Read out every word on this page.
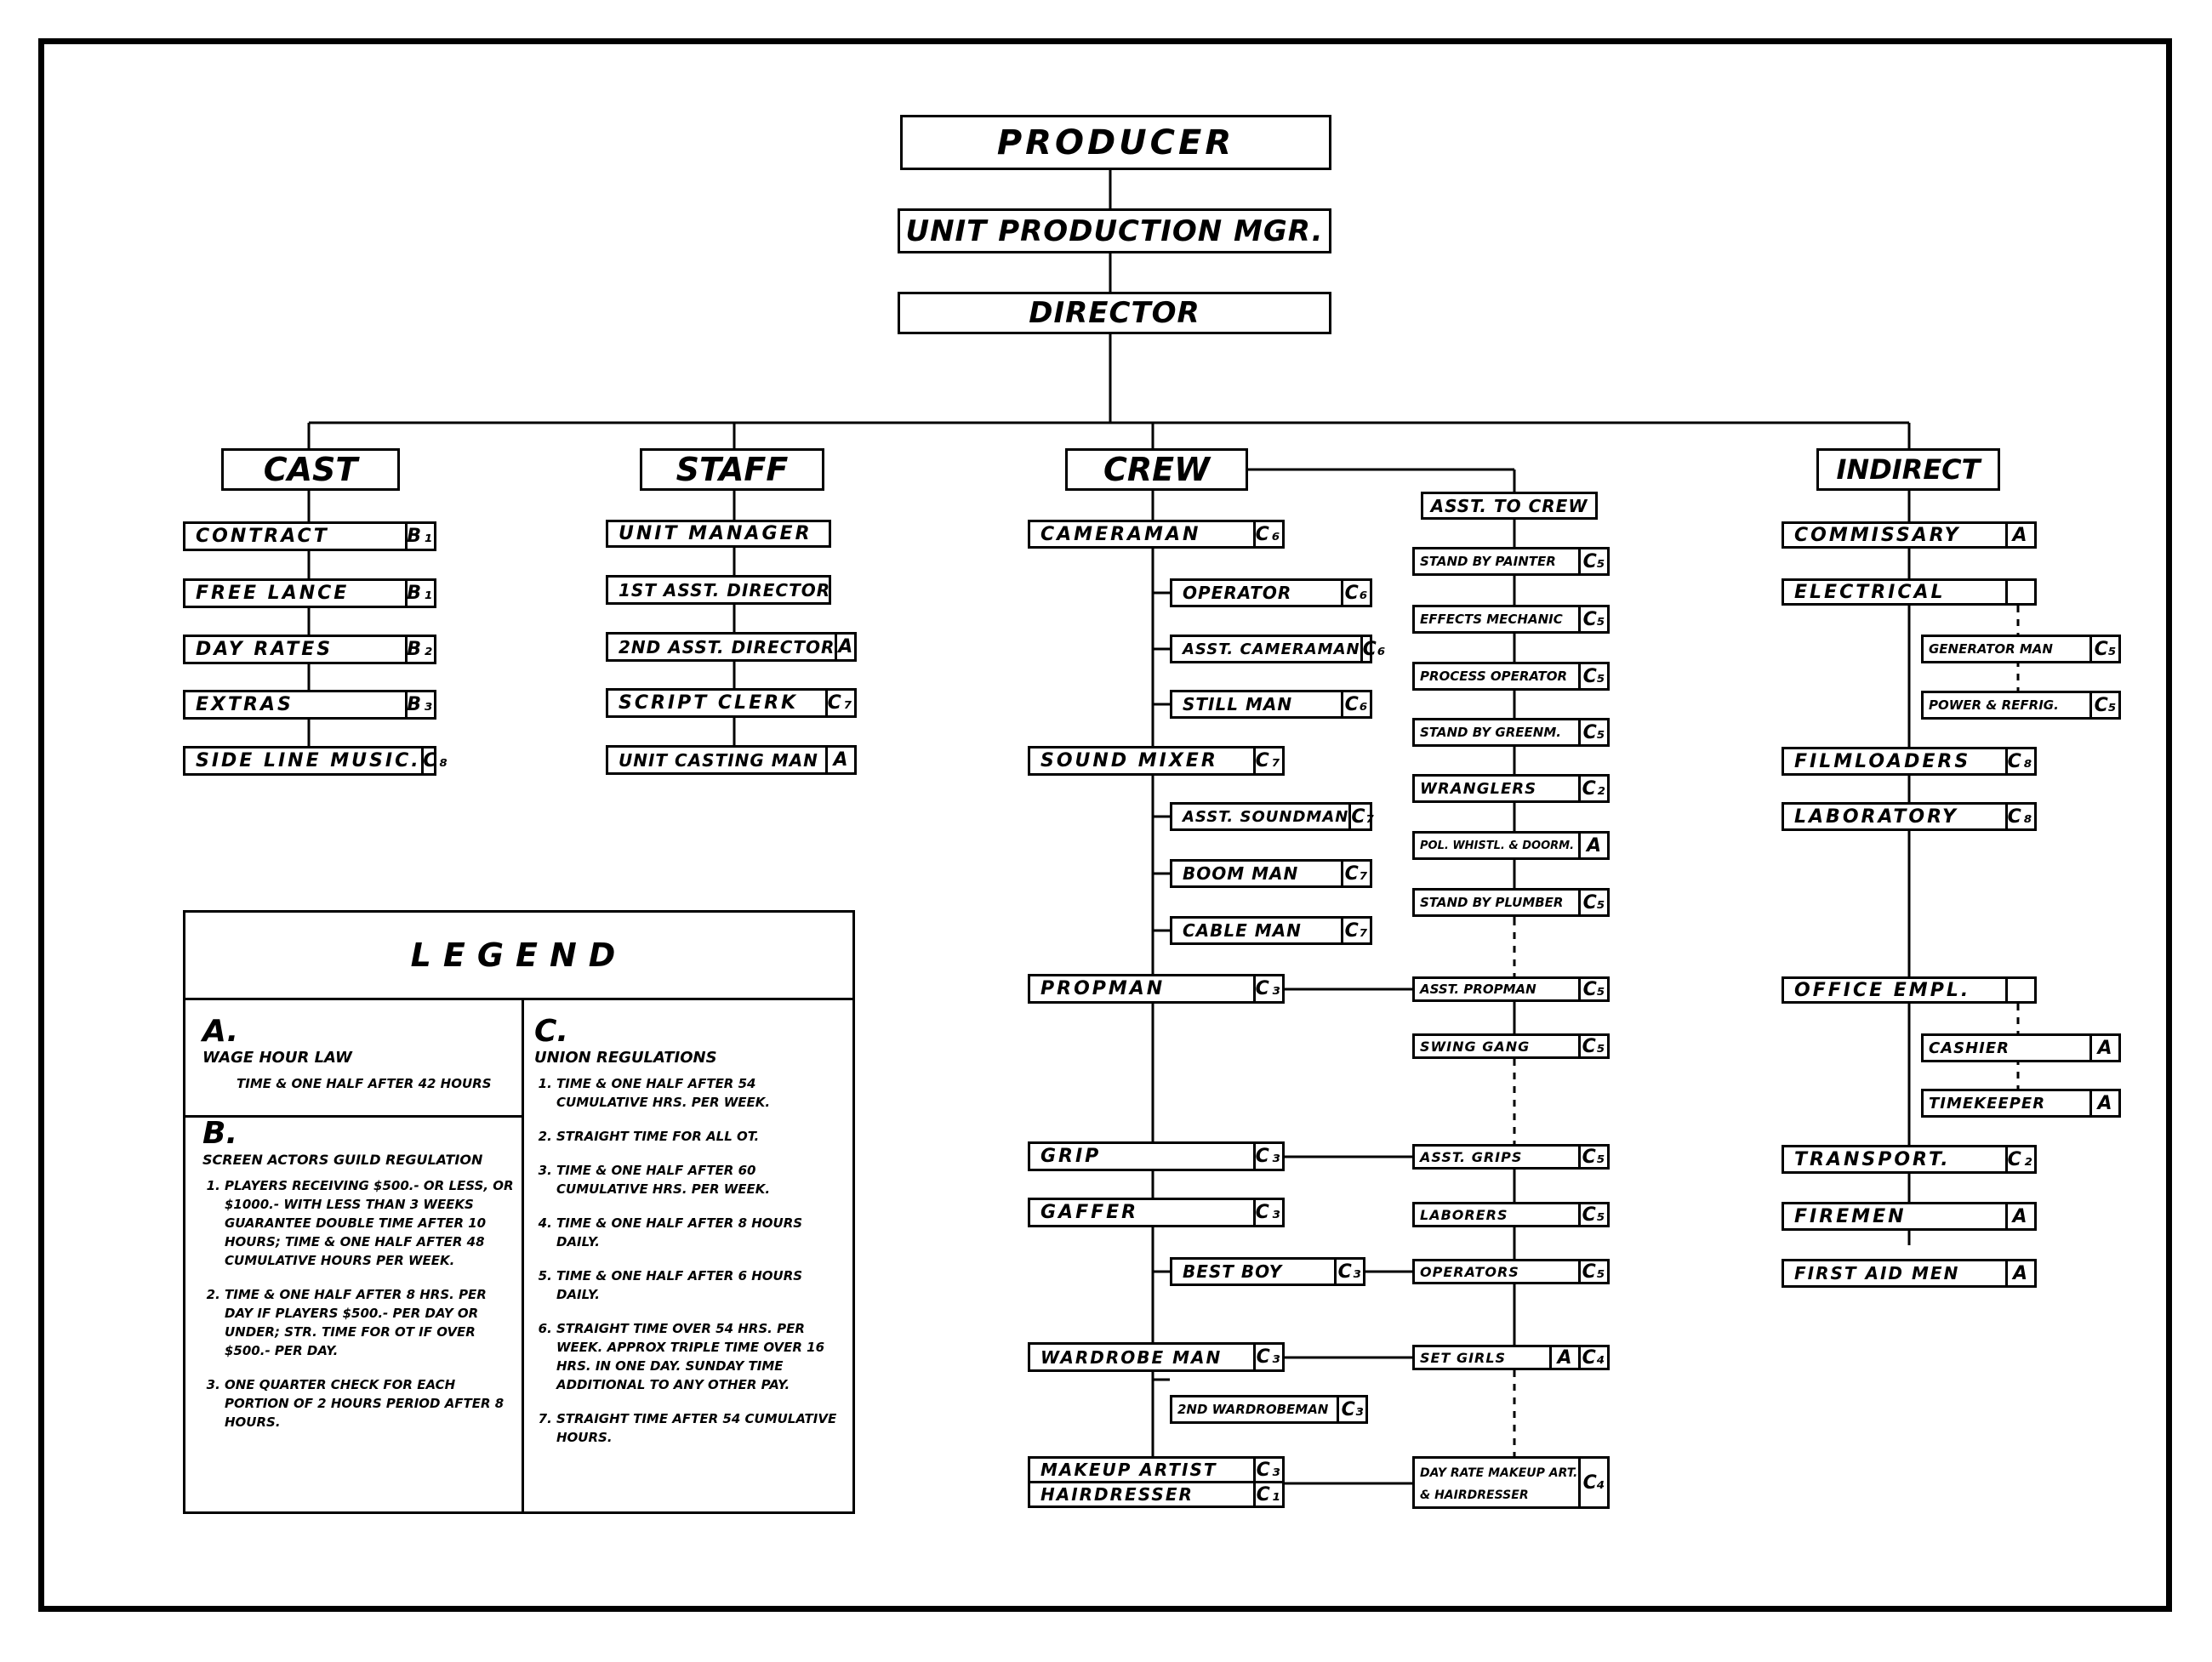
PRODUCER
UNIT PRODUCTION MGR.
DIRECTOR
CAST	STAFF	CREW	INDIRECT
CONTRACT	B₁
FREE LANCE	B₁
DAY RATES	B₂
EXTRAS	B₃
SIDE LINE MUSIC. C₈
UNIT MANAGER
1ST ASST. DIRECTOR
2ND ASST. DIRECTOR A
SCRIPT CLERK	C₇
UNIT CASTING MAN A
CAMERAMAN	C₆
SOUND MIXER	C₇
PROPMAN	C₃
GRIP	C₃
GAFFER	C₃
WARDROBE MAN	C₃
MAKEUP ARTIST	C₃
HAIRDRESSER	C₁
OPERATOR	C₆
ASST. CAMERAMAN C₆
STILL MAN	C₆
ASST. SOUNDMAN C₇
BOOM MAN	C₇
CABLE MAN	C₇
BEST BOY	C₃
2ND WARDROBEMAN C₃
ASST. TO CREW
STAND BY PAINTER	C₅
EFFECTS MECHANIC	C₅
PROCESS OPERATOR C₅
STAND BY GREENM.	C₅
WRANGLERS	C₂
POL. WHISTL. & DOORM. A
STAND BY PLUMBER	C₅
ASST. PROPMAN	C₅
SWING GANG	C₅
ASST. GRIPS	C₅
LABORERS	C₅
OPERATORS	C₅
SET GIRLS	A C₄
DAY RATE MAKEUP ART. & HAIRDRESSER
C₄
COMMISSARY	A
ELECTRICAL
GENERATOR MAN	C₅
POWER & REFRIG.	C₅
FILMLOADERS	C₈
LABORATORY	C₈
OFFICE EMPL.
CASHIER	A
TIMEKEEPER	A
TRANSPORT.	C₂
FIREMEN	A
FIRST AID MEN	A
LEGEND
A.
WAGE HOUR LAW
TIME & ONE HALF AFTER 42 HOURS
B.
SCREEN ACTORS GUILD REGULATION
1. PLAYERS RECEIVING $500.- OR LESS, OR $1000.- WITH LESS THAN 3 WEEKS GUARANTEE DOUBLE TIME AFTER 10 HOURS; TIME & ONE HALF AFTER 48 CUMULATIVE HOURS PER WEEK.
2. TIME & ONE HALF AFTER 8 HRS. PER DAY IF PLAYERS $500.- PER DAY OR UNDER; STR. TIME FOR OT IF OVER $500.- PER DAY.
3. ONE QUARTER CHECK FOR EACH PORTION OF 2 HOURS PERIOD AFTER 8 HOURS.
C.
UNION REGULATIONS
1. TIME & ONE HALF AFTER 54 CUMULATIVE HRS. PER WEEK.
2. STRAIGHT TIME FOR ALL OT.
3. TIME & ONE HALF AFTER 60 CUMULATIVE HRS. PER WEEK.
4. TIME & ONE HALF AFTER 8 HOURS DAILY.
5. TIME & ONE HALF AFTER 6 HOURS DAILY.
6. STRAIGHT TIME OVER 54 HRS. PER WEEK. APPROX TRIPLE TIME OVER 16 HRS. IN ONE DAY. SUNDAY TIME ADDITIONAL TO ANY OTHER PAY.
7. STRAIGHT TIME AFTER 54 CUMULATIVE HOURS.
